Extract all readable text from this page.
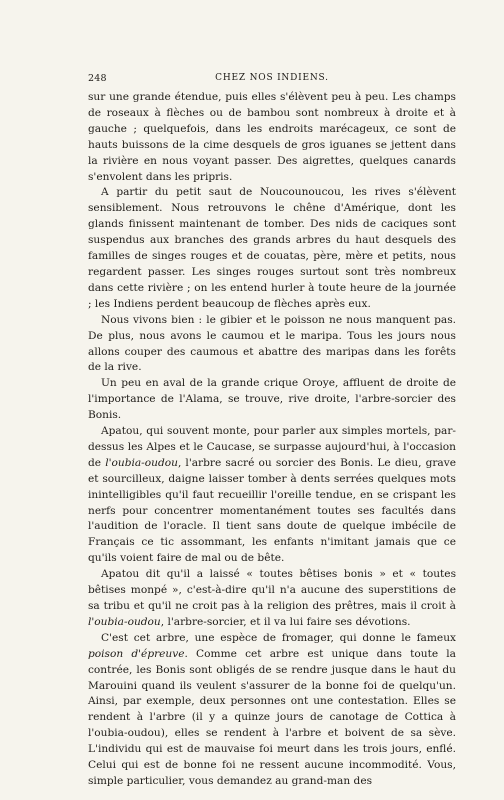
248	CHEZ NOS INDIENS.

sur une grande étendue, puis elles s'élèvent peu à peu. Les champs de roseaux à flèches ou de bambou sont nombreux à droite et à gauche ; quelquefois, dans les endroits marécageux, ce sont de hauts buissons de la cime desquels de gros iguanes se jettent dans la rivière en nous voyant passer. Des aigrettes, quelques canards s'envolent dans les pripris.

A partir du petit saut de Noucounoucou, les rives s'élèvent sensiblement. Nous retrouvons le chêne d'Amérique, dont les glands finissent maintenant de tomber. Des nids de caciques sont suspendus aux branches des grands arbres du haut desquels des familles de singes rouges et de couatas, père, mère et petits, nous regardent passer. Les singes rouges surtout sont très nombreux dans cette rivière ; on les entend hurler à toute heure de la journée ; les Indiens perdent beaucoup de flèches après eux.

Nous vivons bien : le gibier et le poisson ne nous manquent pas. De plus, nous avons le caumou et le maripa. Tous les jours nous allons couper des caumous et abattre des maripas dans les forêts de la rive.

Un peu en aval de la grande crique Oroye, affluent de droite de l'importance de l'Alama, se trouve, rive droite, l'arbre-sorcier des Bonis.

Apatou, qui souvent monte, pour parler aux simples mortels, par-dessus les Alpes et le Caucase, se surpasse aujourd'hui, à l'occasion de l'oubia-oudou, l'arbre sacré ou sorcier des Bonis. Le dieu, grave et sourcilleux, daigne laisser tomber à dents serrées quelques mots inintelligibles qu'il faut recueillir l'oreille tendue, en se crispant les nerfs pour concentrer momentanément toutes ses facultés dans l'audition de l'oracle. Il tient sans doute de quelque imbécile de Français ce tic assommant, les enfants n'imitant jamais que ce qu'ils voient faire de mal ou de bête.

Apatou dit qu'il a laissé « toutes bêtises bonis » et « toutes bêtises monpé », c'est-à-dire qu'il n'a aucune des superstitions de sa tribu et qu'il ne croit pas à la religion des prêtres, mais il croit à l'oubia-oudou, l'arbre-sorcier, et il va lui faire ses dévotions.

C'est cet arbre, une espèce de fromager, qui donne le fameux poison d'épreuve. Comme cet arbre est unique dans toute la contrée, les Bonis sont obligés de se rendre jusque dans le haut du Marouini quand ils veulent s'assurer de la bonne foi de quelqu'un. Ainsi, par exemple, deux personnes ont une contestation. Elles se rendent à l'arbre (il y a quinze jours de canotage de Cottica à l'oubia-oudou), elles se rendent à l'arbre et boivent de sa sève. L'individu qui est de mauvaise foi meurt dans les trois jours, enflé. Celui qui est de bonne foi ne ressent aucune incommodité. Vous, simple particulier, vous demandez au grand-man des
